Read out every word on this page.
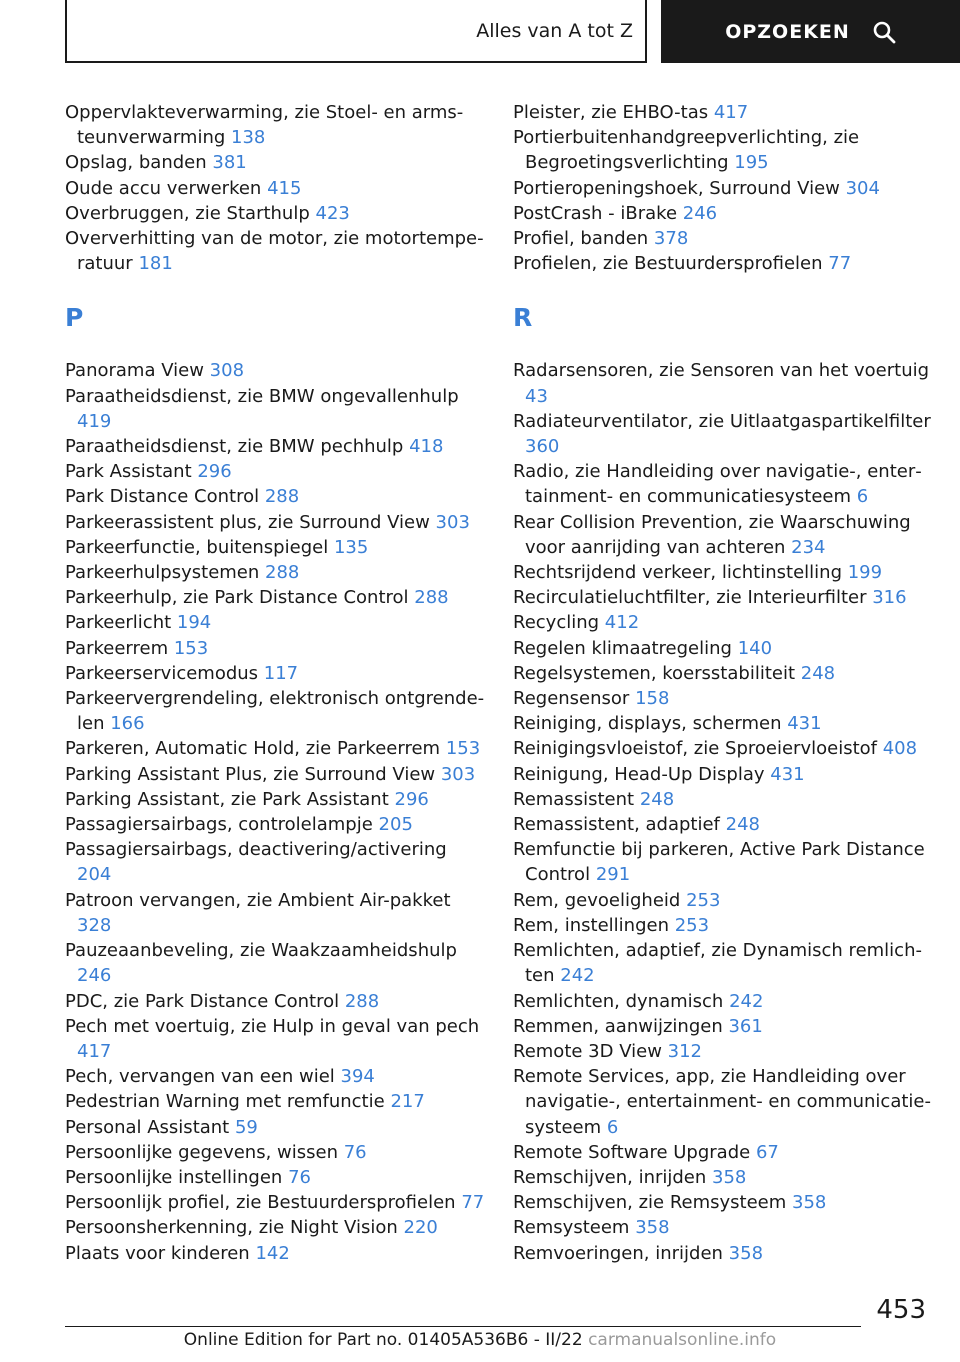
Alles van A tot Z	OPZOEKEN

Oppervlakteverwarming, zie Stoel- en armsteunverwarming 138

Opslag, banden 381

Oude accu verwerken 415

Overbruggen, zie Starthulp 423

Oververhitting van de motor, zie motortemperatuur 181

P

Panorama View 308

Paraatheidsdienst, zie BMW ongevallenhulp 419

Paraatheidsdienst, zie BMW pechhulp 418

Park Assistant 296

Park Distance Control 288

Parkeerassistent plus, zie Surround View 303

Parkeerfunctie, buitenspiegel 135

Parkeerhulpsystemen 288

Parkeerhulp, zie Park Distance Control 288

Parkeerlicht 194

Parkeerrem 153

Parkeerservicemodus 117

Parkeervergrendeling, elektronisch ontgrendelen 166

Parkeren, Automatic Hold, zie Parkeerrem 153

Parking Assistant Plus, zie Surround View 303

Parking Assistant, zie Park Assistant 296

Passagiersairbags, controlelampje 205

Passagiersairbags, deactivering/activering 204

Patroon vervangen, zie Ambient Air-pakket 328

Pauzeaanbeveling, zie Waakzaamheidshulp 246

PDC, zie Park Distance Control 288

Pech met voertuig, zie Hulp in geval van pech 417

Pech, vervangen van een wiel 394

Pedestrian Warning met remfunctie 217

Personal Assistant 59

Persoonlijke gegevens, wissen 76

Persoonlijke instellingen 76

Persoonlijk profiel, zie Bestuurdersprofielen 77

Persoonsherkenning, zie Night Vision 220

Plaats voor kinderen 142

Pleister, zie EHBO-tas 417

Portierbuitenhandgreepverlichting, zie Begroetingsverlichting 195

Portieropeningshoek, Surround View 304

PostCrash - iBrake 246

Profiel, banden 378

Profielen, zie Bestuurdersprofielen 77

R

Radarsensoren, zie Sensoren van het voertuig 43

Radiateurventilator, zie Uitlaatgaspartikelfilter 360

Radio, zie Handleiding over navigatie-, entertainment- en communicatiesysteem 6

Rear Collision Prevention, zie Waarschuwing voor aanrijding van achteren 234

Rechtsrijdend verkeer, lichtinstelling 199

Recirculatieluchtfilter, zie Interieurfilter 316

Recycling 412

Regelen klimaatregeling 140

Regelsystemen, koersstabiliteit 248

Regensensor 158

Reiniging, displays, schermen 431

Reinigingsvloeistof, zie Sproeiervloeistof 408

Reinigung, Head-Up Display 431

Remassistent 248

Remassistent, adaptief 248

Remfunctie bij parkeren, Active Park Distance Control 291

Rem, gevoeligheid 253

Rem, instellingen 253

Remlichten, adaptief, zie Dynamisch remlichten 242

Remlichten, dynamisch 242

Remmen, aanwijzingen 361

Remote 3D View 312

Remote Services, app, zie Handleiding over navigatie-, entertainment- en communicatiesysteem 6

Remote Software Upgrade 67

Remschijven, inrijden 358

Remschijven, zie Remsysteem 358

Remsysteem 358

Remvoeringen, inrijden 358

453
Online Edition for Part no. 01405A536B6 - II/22 carmanualsonline.info
